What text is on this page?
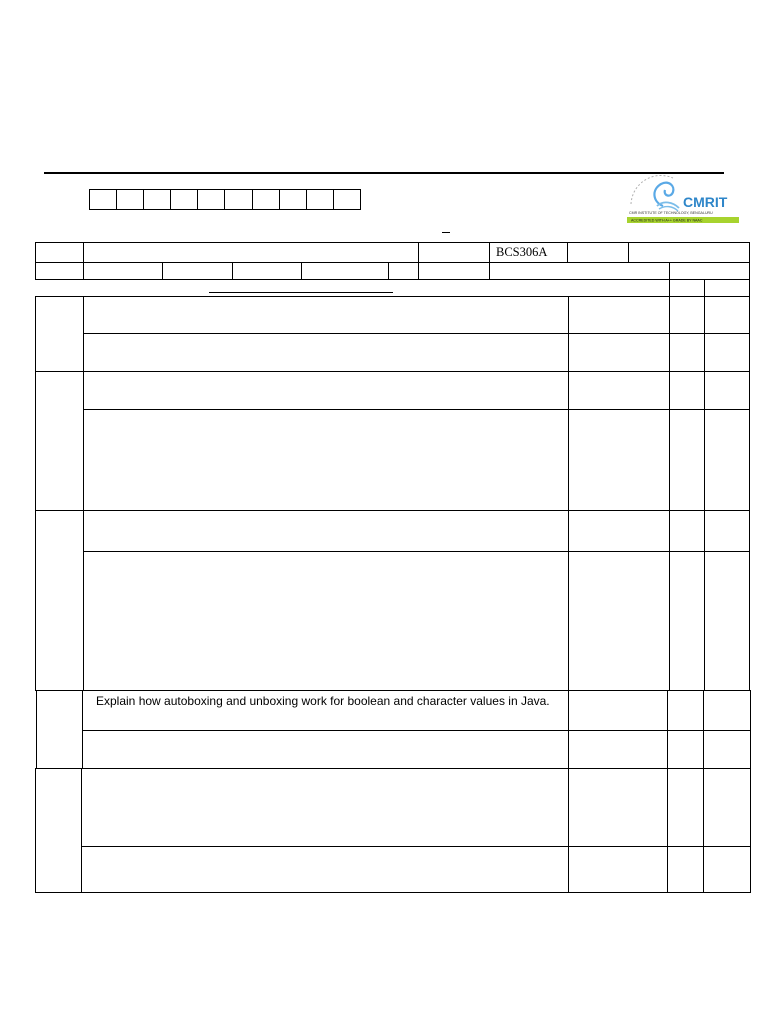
CMRIT
CMR INSTITUTE OF TECHNOLOGY, BENGALURU
ACCREDITED WITH A++ GRADE BY NAAC
BCS306A
Explain how autoboxing and unboxing work for boolean and character values in Java.
